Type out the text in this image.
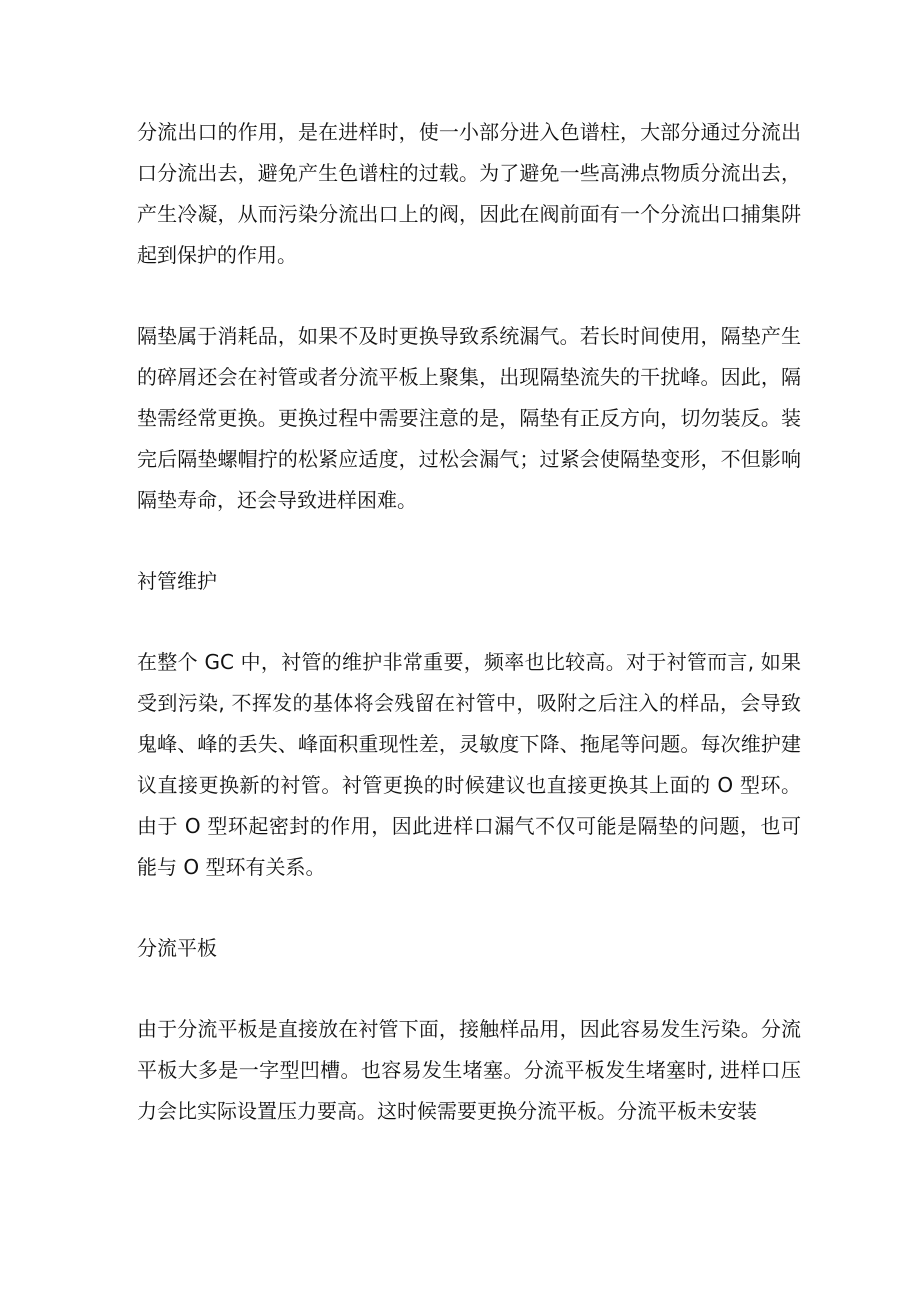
分流出口的作用，是在进样时，使一小部分进入色谱柱，大部分通过分流出口分流出去，避免产生色谱柱的过载。为了避免一些高沸点物质分流出去，产生冷凝，从而污染分流出口上的阀，因此在阀前面有一个分流出口捕集阱起到保护的作用。

隔垫属于消耗品，如果不及时更换导致系统漏气。若长时间使用，隔垫产生的碎屑还会在衬管或者分流平板上聚集，出现隔垫流失的干扰峰。因此，隔垫需经常更换。更换过程中需要注意的是，隔垫有正反方向，切勿装反。装完后隔垫螺帽拧的松紧应适度，过松会漏气；过紧会使隔垫变形，不但影响隔垫寿命，还会导致进样困难。

衬管维护

在整个 GC 中，衬管的维护非常重要，频率也比较高。对于衬管而言, 如果受到污染, 不挥发的基体将会残留在衬管中，吸附之后注入的样品，会导致鬼峰、峰的丢失、峰面积重现性差，灵敏度下降、拖尾等问题。每次维护建议直接更换新的衬管。衬管更换的时候建议也直接更换其上面的 O 型环。由于 O 型环起密封的作用，因此进样口漏气不仅可能是隔垫的问题，也可能与 O 型环有关系。

分流平板

由于分流平板是直接放在衬管下面，接触样品用，因此容易发生污染。分流平板大多是一字型凹槽。也容易发生堵塞。分流平板发生堵塞时, 进样口压力会比实际设置压力要高。这时候需要更换分流平板。分流平板未安装
